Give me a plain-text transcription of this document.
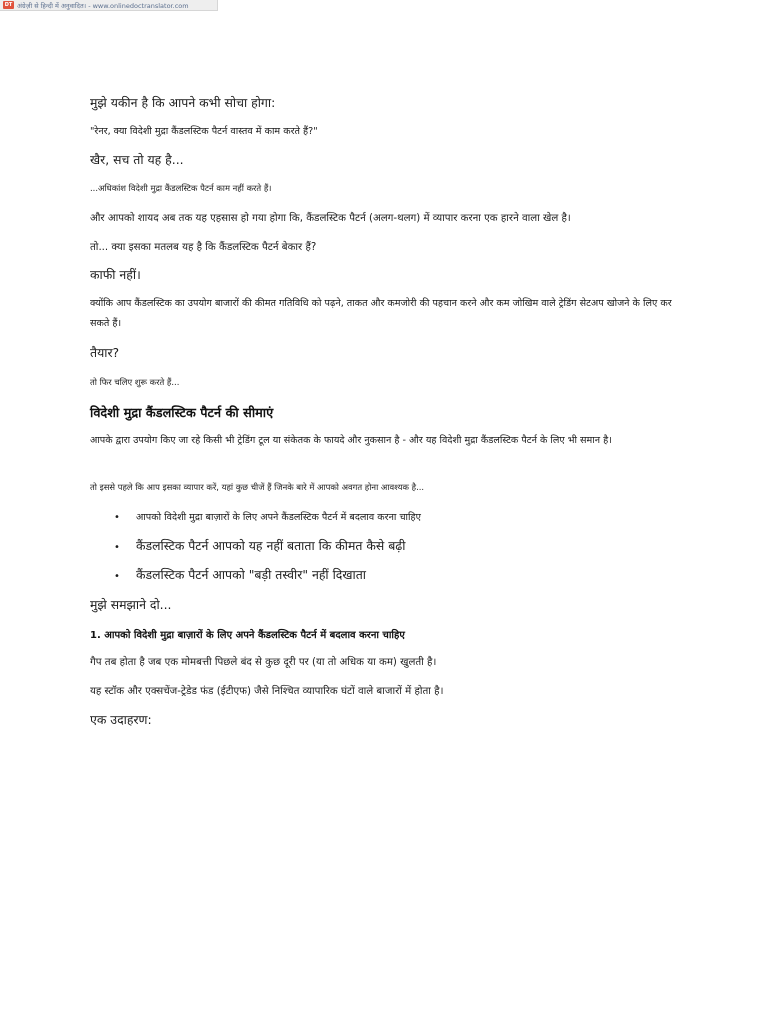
DT अंग्रेज़ी से हिन्दी में अनुवादित। - www.onlinedoctranslator.com
मुझे यकीन है कि आपने कभी सोचा होगा:
"रेनर, क्या विदेशी मुद्रा कैंडलस्टिक पैटर्न वास्तव में काम करते हैं?"
खैर, सच तो यह है...
...अधिकांश विदेशी मुद्रा कैंडलस्टिक पैटर्न काम नहीं करते हैं।
और आपको शायद अब तक यह एहसास हो गया होगा कि, कैंडलस्टिक पैटर्न (अलग-थलग) में व्यापार करना एक हारने वाला खेल है।
तो... क्या इसका मतलब यह है कि कैंडलस्टिक पैटर्न बेकार हैं?
काफी नहीं।
क्योंकि आप कैंडलस्टिक का उपयोग बाजारों की कीमत गतिविधि को पढ़ने, ताकत और कमजोरी की पहचान करने और कम जोखिम वाले ट्रेडिंग सेटअप खोजने के लिए कर सकते हैं।
तैयार?
तो फिर चलिए शुरू करते हैं...
विदेशी मुद्रा कैंडलस्टिक पैटर्न की सीमाएं
आपके द्वारा उपयोग किए जा रहे किसी भी ट्रेडिंग टूल या संकेतक के फायदे और नुकसान है - और यह विदेशी मुद्रा कैंडलस्टिक पैटर्न के लिए भी समान है।
तो इससे पहले कि आप इसका व्यापार करें, यहां कुछ चीजें हैं जिनके बारे में आपको अवगत होना आवश्यक है...
• आपको विदेशी मुद्रा बाज़ारों के लिए अपने कैंडलस्टिक पैटर्न में बदलाव करना चाहिए
• कैंडलस्टिक पैटर्न आपको यह नहीं बताता कि कीमत कैसे बढ़ी
• कैंडलस्टिक पैटर्न आपको "बड़ी तस्वीर" नहीं दिखाता
मुझे समझाने दो...
1. आपको विदेशी मुद्रा बाज़ारों के लिए अपने कैंडलस्टिक पैटर्न में बदलाव करना चाहिए
गैप तब होता है जब एक मोमबत्ती पिछले बंद से कुछ दूरी पर (या तो अधिक या कम) खुलती है।
यह स्टॉक और एक्सचेंज-ट्रेडेड फंड (ईटीएफ) जैसे निश्चित व्यापारिक घंटों वाले बाजारों में होता है।
एक उदाहरण:
